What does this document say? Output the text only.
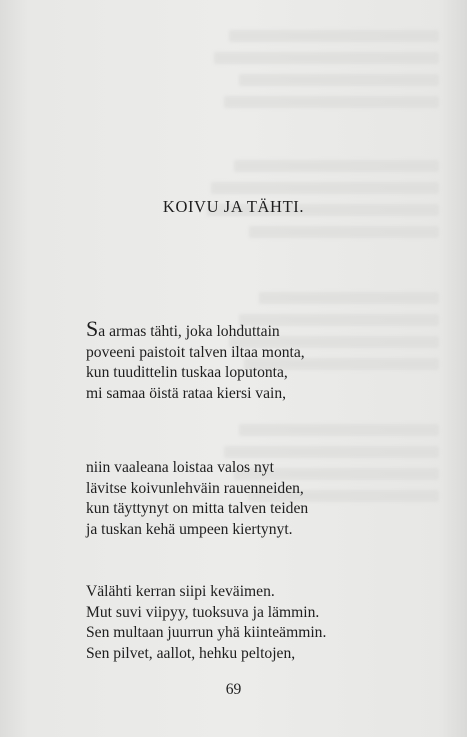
KOIVU JA TÄHTI.
Sa armas tähti, joka lohduttain
poveeni paistoit talven iltaa monta,
kun tuudittelin tuskaa loputonta,
mi samaa öistä rataa kiersi vain,
niin vaaleana loistaa valos nyt
lävitse koivunlehväin rauenneiden,
kun täyttynyt on mitta talven teiden
ja tuskan kehä umpeen kiertynyt.
Välähti kerran siipi keväimen.
Mut suvi viipyy, tuoksuva ja lämmin.
Sen multaan juurrun yhä kiinteämmin.
Sen pilvet, aallot, hehku peltojen,
69
